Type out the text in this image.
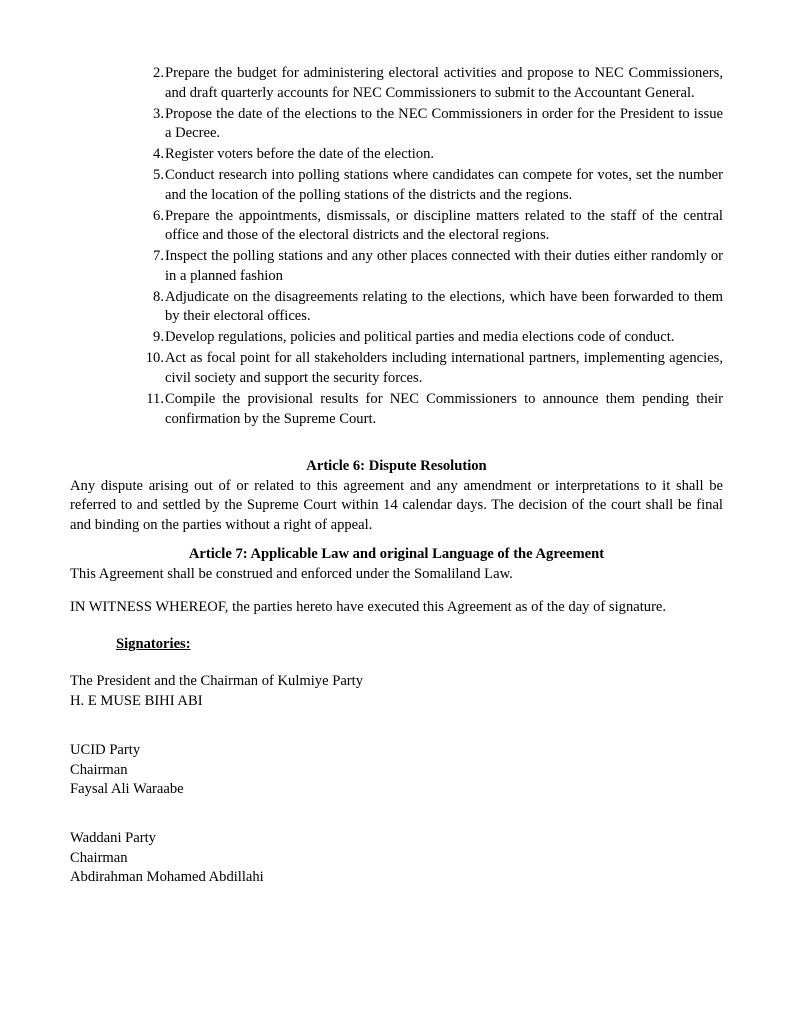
2. Prepare the budget for administering electoral activities and propose to NEC Commissioners, and draft quarterly accounts for NEC Commissioners to submit to the Accountant General.
3. Propose the date of the elections to the NEC Commissioners in order for the President to issue a Decree.
4. Register voters before the date of the election.
5. Conduct research into polling stations where candidates can compete for votes, set the number and the location of the polling stations of the districts and the regions.
6. Prepare the appointments, dismissals, or discipline matters related to the staff of the central office and those of the electoral districts and the electoral regions.
7. Inspect the polling stations and any other places connected with their duties either randomly or in a planned fashion
8. Adjudicate on the disagreements relating to the elections, which have been forwarded to them by their electoral offices.
9. Develop regulations, policies and political parties and media elections code of conduct.
10. Act as focal point for all stakeholders including international partners, implementing agencies, civil society and support the security forces.
11. Compile the provisional results for NEC Commissioners to announce them pending their confirmation by the Supreme Court.
Article 6: Dispute Resolution
Any dispute arising out of or related to this agreement and any amendment or interpretations to it shall be referred to and settled by the Supreme Court within 14 calendar days. The decision of the court shall be final and binding on the parties without a right of appeal.
Article 7: Applicable Law and original Language of the Agreement
This Agreement shall be construed and enforced under the Somaliland Law.
IN WITNESS WHEREOF, the parties hereto have executed this Agreement as of the day of signature.
Signatories:
The President and the Chairman of Kulmiye Party
H. E MUSE BIHI ABI
UCID Party
Chairman
Faysal Ali Waraabe
Waddani Party
Chairman
Abdirahman Mohamed Abdillahi
